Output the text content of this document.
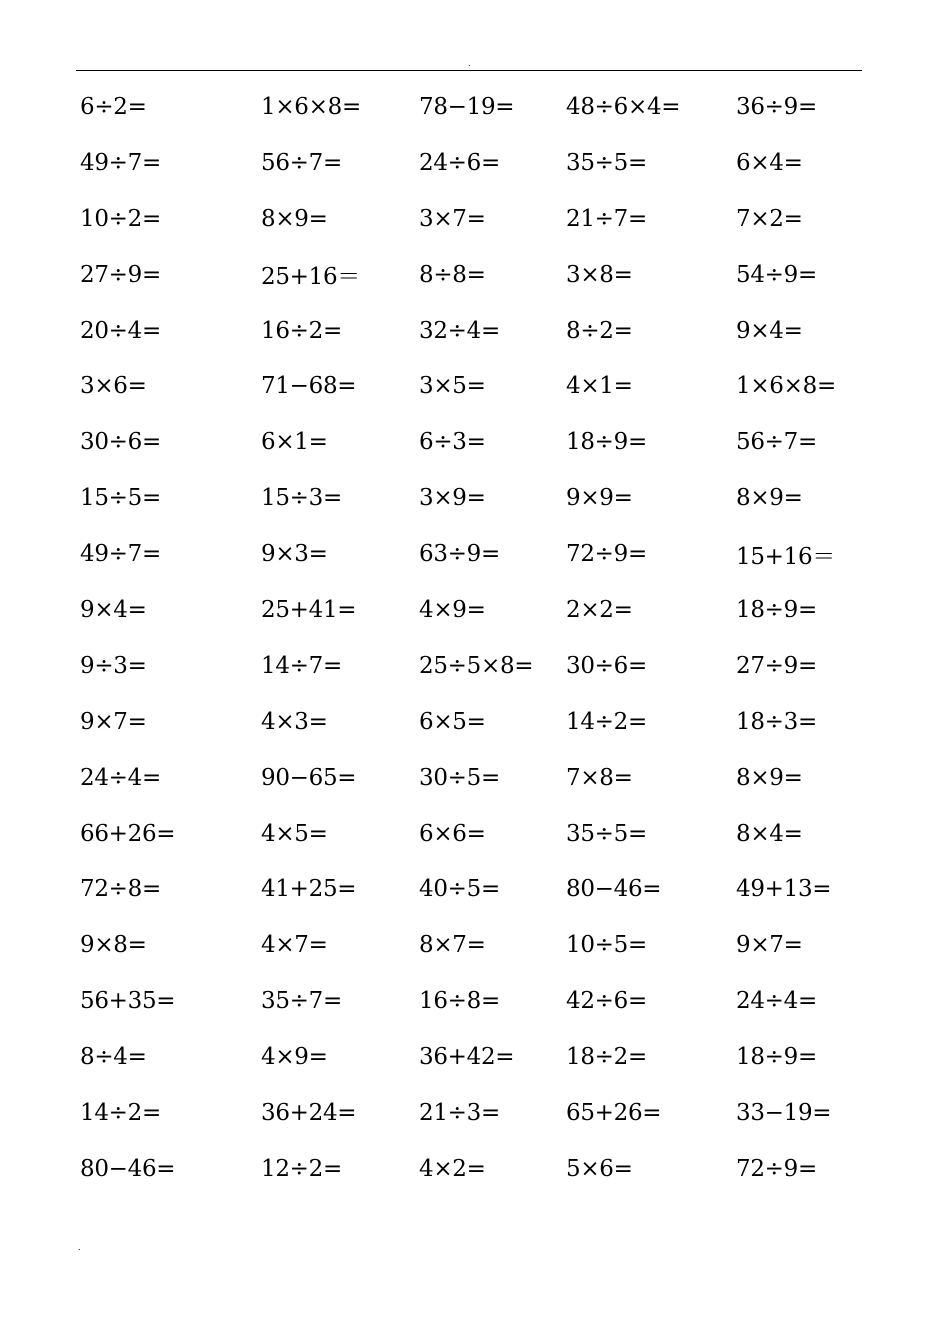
.
6÷2=	1×6×8=	78−19= 48÷6×4= 36÷9=
49÷7=	56÷7=	24÷6=	35÷5=	6×4=
10÷2=	8×9=	3×7=	21÷7=	7×2=
27÷9=	25+16＝	8÷8=	3×8=	54÷9=
20÷4=	16÷2=	32÷4=	8÷2=	9×4=
3×6=	71−68=	3×5=	4×1=	1×6×8=
30÷6=	6×1=	6÷3=	18÷9=	56÷7=
15÷5=	15÷3=	3×9=	9×9=	8×9=
49÷7=	9×3=	63÷9=	72÷9=	15+16＝
9×4=	25+41=	4×9=	2×2=	18÷9=
9÷3=	14÷7=	25÷5×8= 30÷6=	27÷9=
9×7=	4×3=	6×5=	14÷2=	18÷3=
24÷4=	90−65=	30÷5=	7×8=	8×9=
66+26=	4×5=	6×6=	35÷5=	8×4=
72÷8=	41+25=	40÷5=	80−46=	49+13=
9×8=	4×7=	8×7=	10÷5=	9×7=
56+35=	35÷7=	16÷8=	42÷6=	24÷4=
8÷4=	4×9=	36+42= 18÷2=	18÷9=
14÷2=	36+24=	21÷3=	65+26=	33−19=
80−46=	12÷2=	4×2=	5×6=	72÷9=
.
